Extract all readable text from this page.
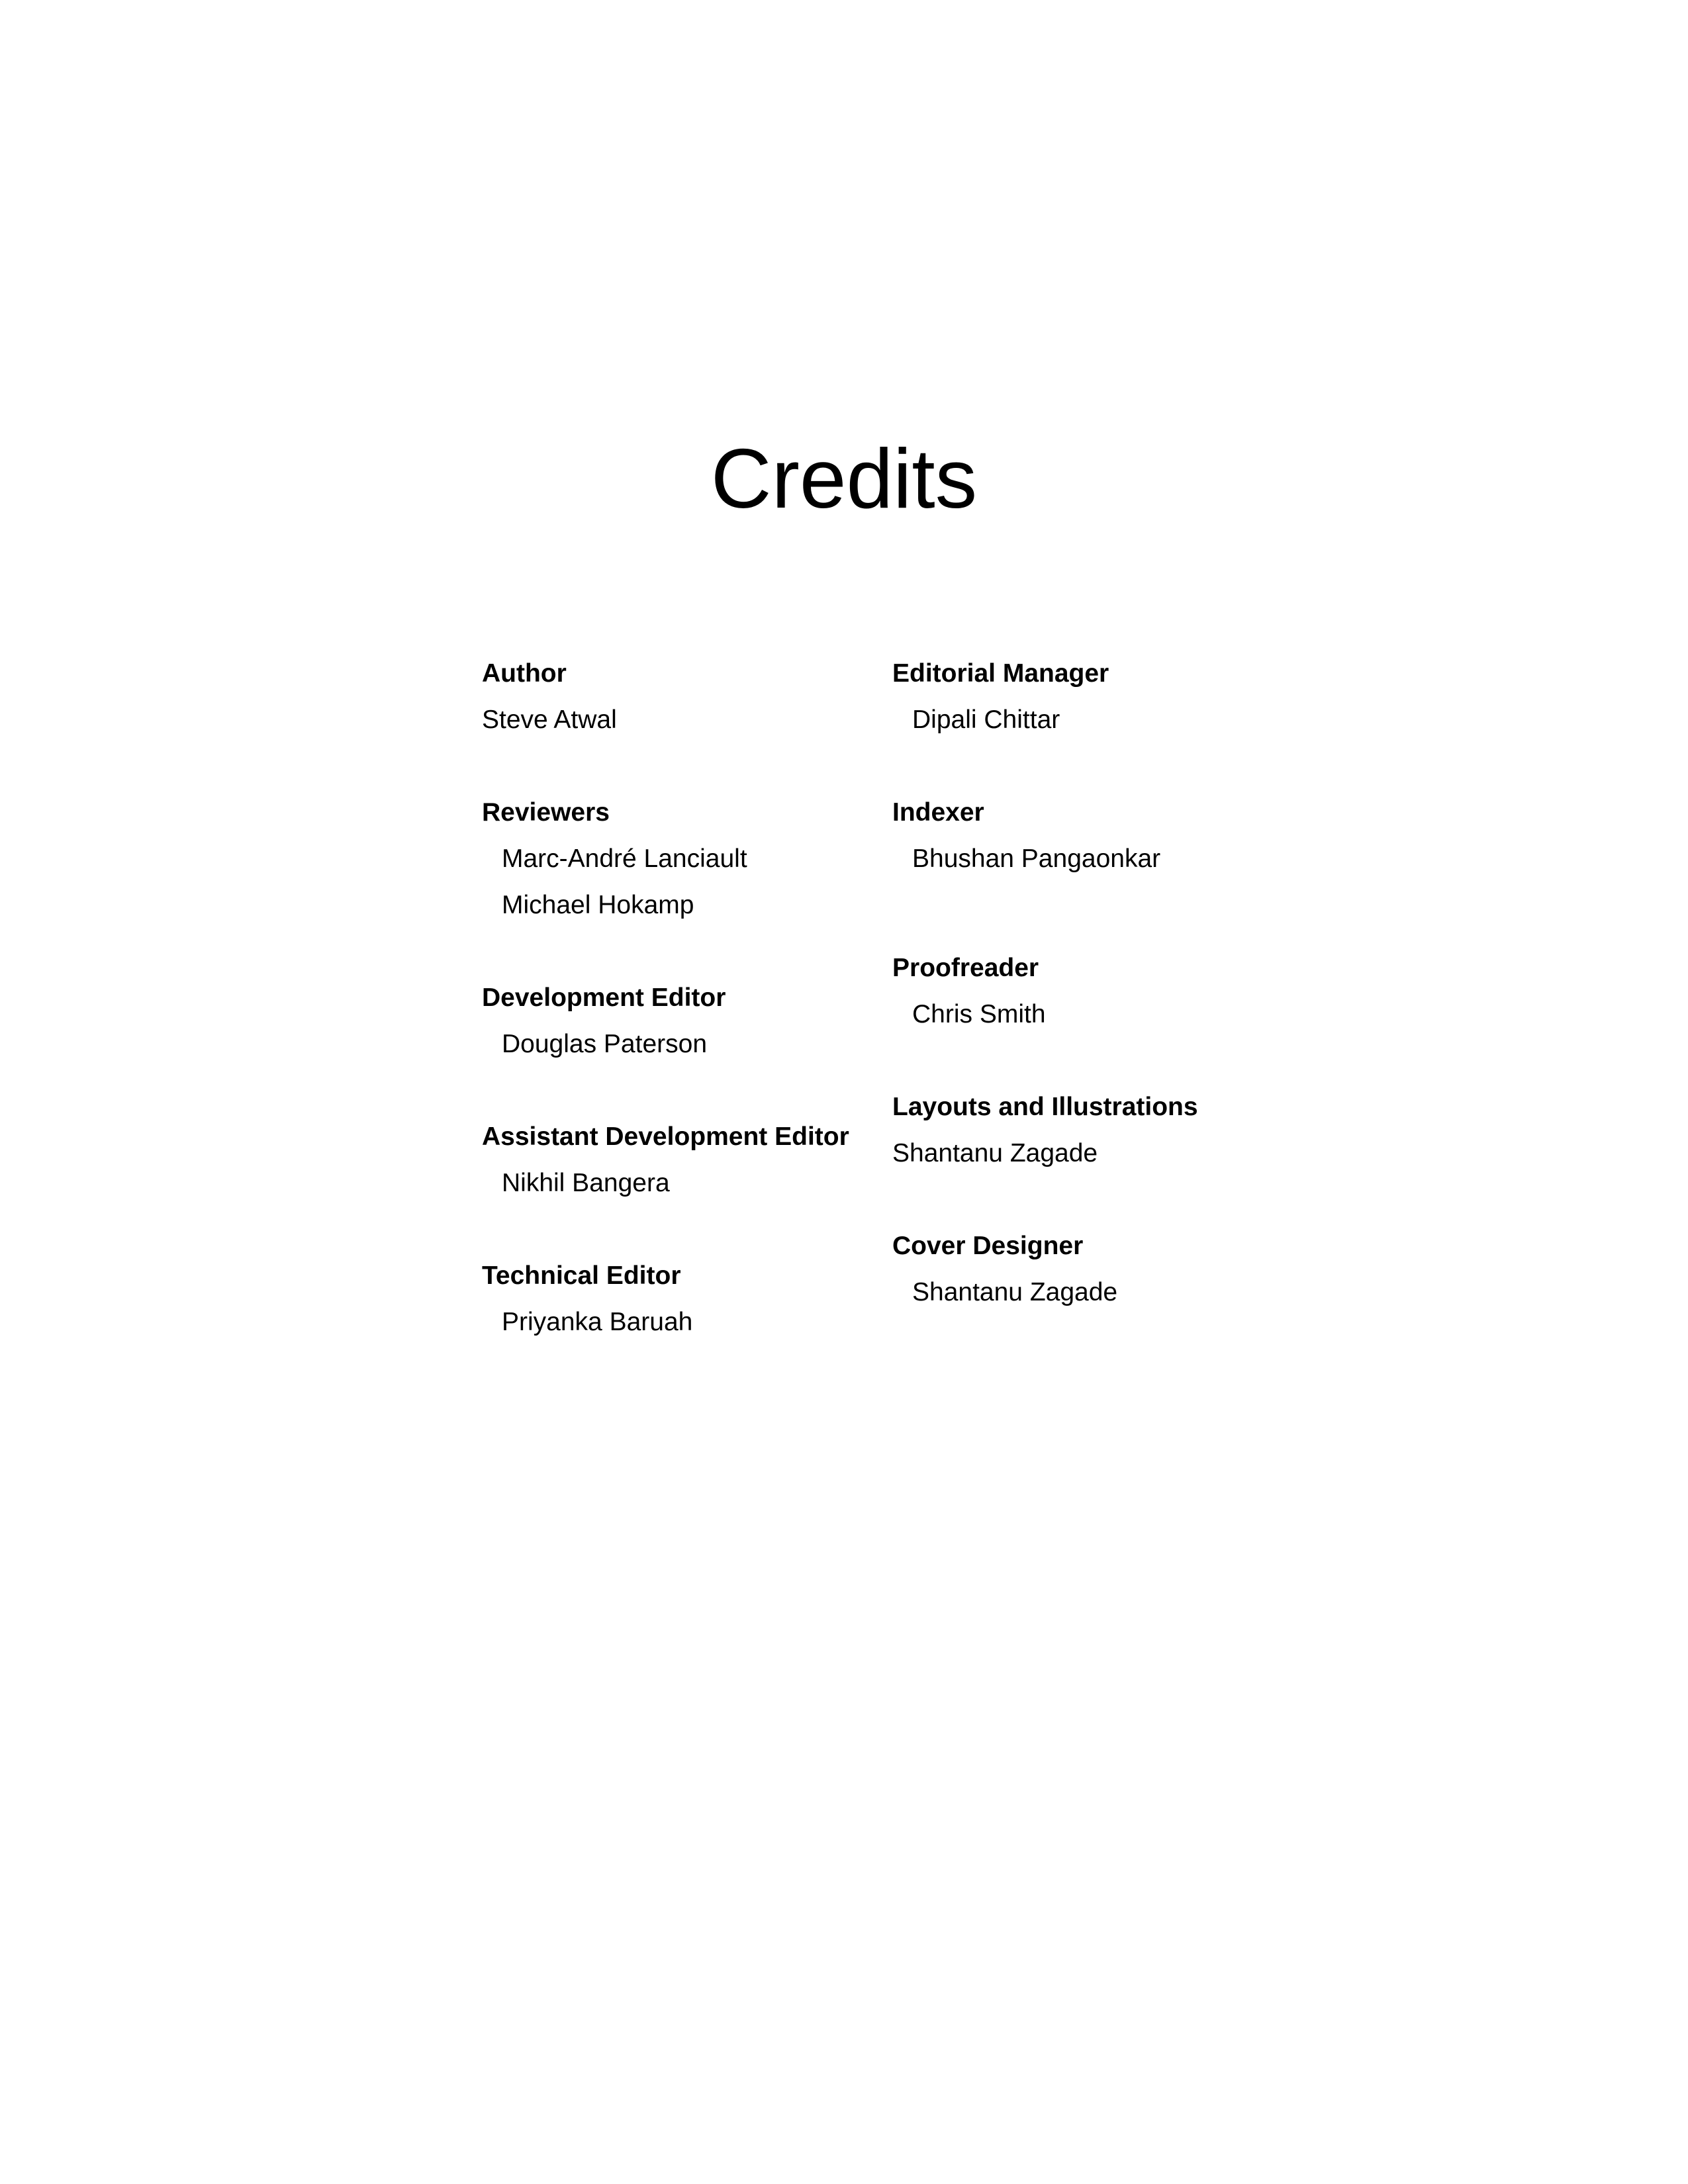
Credits
Author
Steve Atwal
Reviewers
Marc-André Lanciault
Michael Hokamp
Development Editor
Douglas Paterson
Assistant Development Editor
Nikhil Bangera
Technical Editor
Priyanka Baruah
Editorial Manager
Dipali Chittar
Indexer
Bhushan Pangaonkar
Proofreader
Chris Smith
Layouts and Illustrations
Shantanu Zagade
Cover Designer
Shantanu Zagade
